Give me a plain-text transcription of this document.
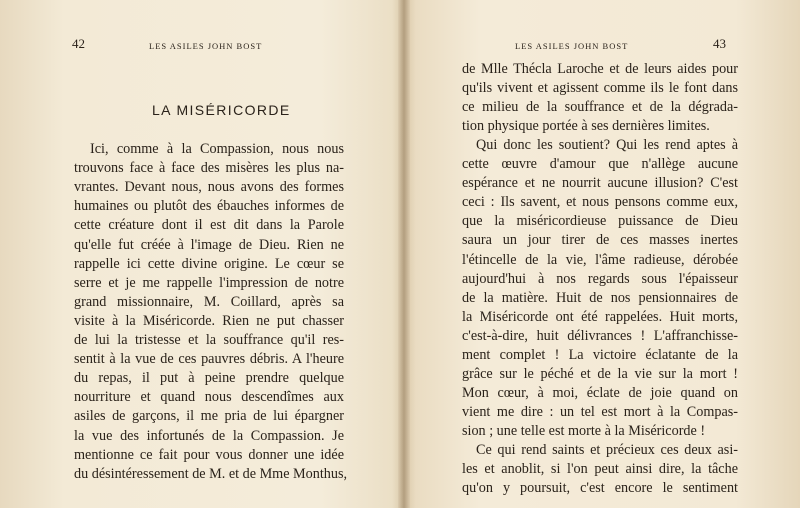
42	LES ASILES JOHN BOST
LA MISÉRICORDE
Ici, comme à la Compassion, nous nous
trouvons face à face des misères les plus na-
vrantes. Devant nous, nous avons des formes
humaines ou plutôt des ébauches informes de
cette créature dont il est dit dans la Parole
qu'elle fut créée à l'image de Dieu. Rien ne
rappelle ici cette divine origine. Le cœur se
serre et je me rappelle l'impression de notre
grand missionnaire, M. Coillard, après sa
visite à la Miséricorde. Rien ne put chasser
de lui la tristesse et la souffrance qu'il res-
sentit à la vue de ces pauvres débris. A l'heure
du repas, il put à peine prendre quelque
nourriture et quand nous descendîmes aux
asiles de garçons, il me pria de lui épargner
la vue des infortunés de la Compassion. Je
mentionne ce fait pour vous donner une idée
du désintéressement de M. et de Mme Monthus,
43
LES ASILES JOHN BOST
de Mlle Thécla Laroche et de leurs aides pour
qu'ils vivent et agissent comme ils le font dans
ce milieu de la souffrance et de la dégrada-
tion physique portée à ses dernières limites.
Qui donc les soutient? Qui les rend aptes à
cette œuvre d'amour que n'allège aucune
espérance et ne nourrit aucune illusion? C'est
ceci : Ils savent, et nous pensons comme eux,
que la miséricordieuse puissance de Dieu
saura un jour tirer de ces masses inertes
l'étincelle de la vie, l'âme radieuse, dérobée
aujourd'hui à nos regards sous l'épaisseur
de la matière. Huit de nos pensionnaires de
la Miséricorde ont été rappelées. Huit morts,
c'est-à-dire, huit délivrances ! L'affranchisse-
ment complet ! La victoire éclatante de la
grâce sur le péché et de la vie sur la mort !
Mon cœur, à moi, éclate de joie quand on
vient me dire : un tel est mort à la Compas-
sion ; une telle est morte à la Miséricorde !
Ce qui rend saints et précieux ces deux asi-
les et anoblit, si l'on peut ainsi dire, la tâche
qu'on y poursuit, c'est encore le sentiment
